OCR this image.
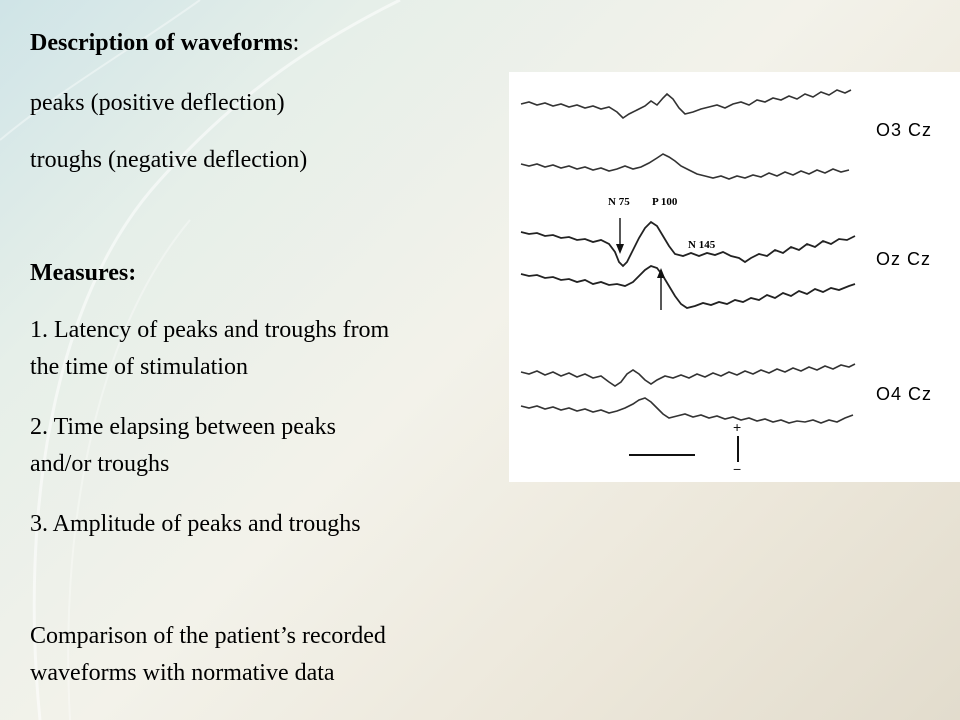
Description of waveforms:

peaks (positive deflection)

troughs (negative deflection)

Measures:

1. Latency of peaks and troughs from

the time of stimulation

2. Time elapsing between peaks

and/or troughs

3. Amplitude of peaks and troughs

Comparison of the patient’s recorded

waveforms with normative data

N 75 P 100
N 145
O3 Cz
Oz Cz
O4 Cz
+
−
